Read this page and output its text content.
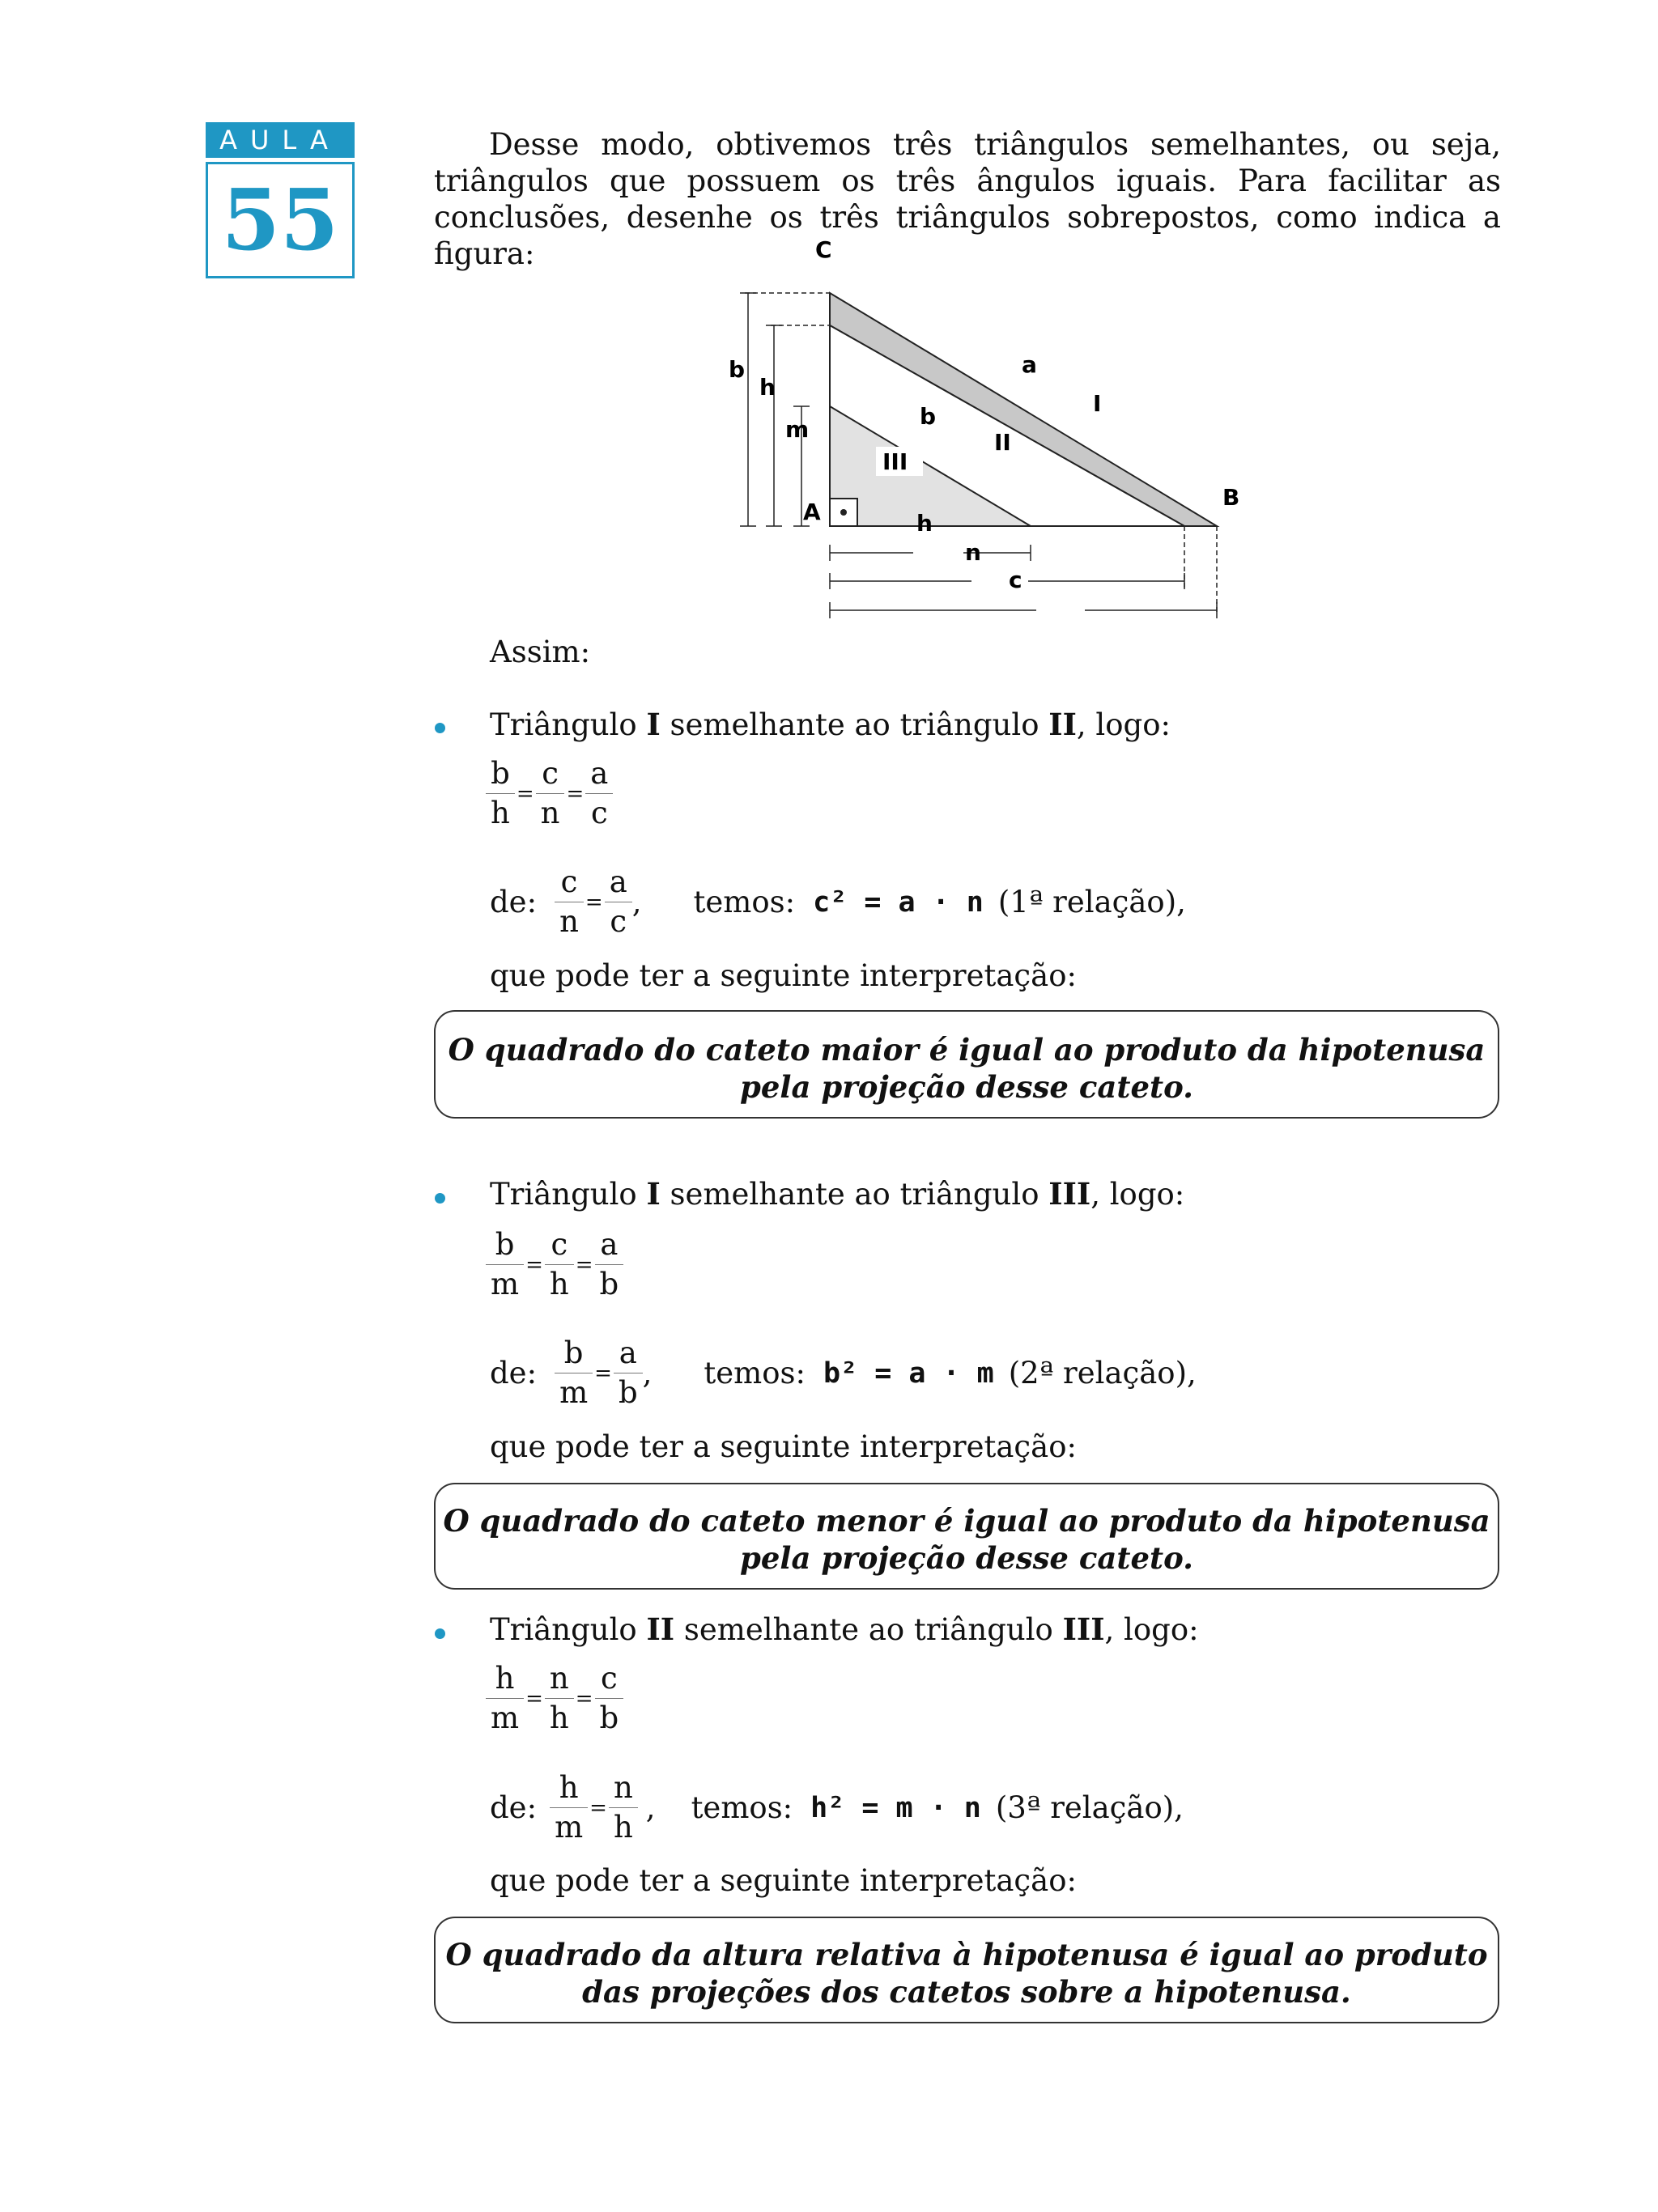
AULA
55
Desse modo, obtivemos três triângulos semelhantes, ou seja, triângulos que possuem os três ângulos iguais. Para facilitar as conclusões, desenhe os três triângulos sobrepostos, como indica a figura:	C
B
A
a
I
II
III
b
b
h
m
h
n
c
Assim:
Triângulo I semelhante ao triângulo II, logo:
$\frac{b}{h} = \frac{c}{n} = \frac{a}{c}$
de: $\frac{c}{n} = \frac{a}{c}$ , temos: c² = a · n (1ª relação),
que pode ter a seguinte interpretação:
O quadrado do cateto maior é igual ao produto da hipotenusa
pela projeção desse cateto.
Triângulo I semelhante ao triângulo III, logo:
$\frac{b}{m} = \frac{c}{h} = \frac{a}{b}$
de: $\frac{b}{m} = \frac{a}{b}$ , temos: b² = a · m (2ª relação),
que pode ter a seguinte interpretação:
O quadrado do cateto menor é igual ao produto da hipotenusa
pela projeção desse cateto.
Triângulo II semelhante ao triângulo III, logo:
$\frac{h}{m} = \frac{n}{h} = \frac{c}{b}$
de: $\frac{h}{m} = \frac{n}{h}$ , temos: h² = m · n (3ª relação),
que pode ter a seguinte interpretação:
O quadrado da altura relativa à hipotenusa é igual ao produto
das projeções dos catetos sobre a hipotenusa.
